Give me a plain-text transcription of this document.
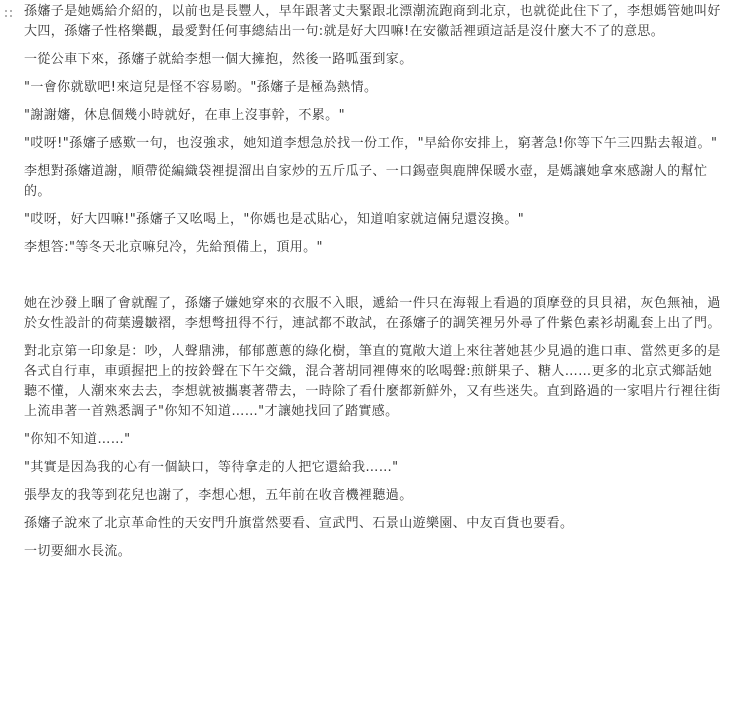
孫嬸子是她媽給介紹的，以前也是長豐人，早年跟著丈夫緊跟北漂潮流跑商到北京，也就從此住下了，李想媽管她叫好大四，孫嬸子性格樂觀，最愛對任何事總結出一句:就是好大四嘛!在安徽話裡頭這話是沒什麼大不了的意思。

一從公車下來，孫嬸子就給李想一個大擁抱，然後一路呱蛋到家。

"一會你就歇吧!來這兒是怪不容易喲。"孫嬸子是極為熱情。

"謝謝嬸，休息個幾小時就好，在車上沒事幹，不累。"

"哎呀!"孫嬸子感歎一句，也沒強求，她知道李想急於找一份工作，"早給你安排上，窮著急!你等下午三四點去報道。"

李想對孫嬸道謝，順帶從編織袋裡提溜出自家炒的五斤瓜子、一口錫壺與鹿牌保暖水壺，是媽讓她拿來感謝人的幫忙的。

"哎呀，好大四嘛!"孫嬸子又吆喝上，"你媽也是忒貼心，知道咱家就這倆兒還沒換。"

李想答:"等冬天北京嘛兒冷，先給預備上，頂用。"

她在沙發上睏了會就醒了，孫嬸子嫌她穿來的衣服不入眼，遞給一件只在海報上看過的頂摩登的貝貝裙，灰色無袖，過於女性設計的荷葉邊皺褶，李想彆扭得不行，連試都不敢試，在孫嬸子的調笑裡另外尋了件紫色素衫胡亂套上出了門。

對北京第一印象是：吵，人聲鼎沸，郁郁蔥蔥的綠化樹，筆直的寬敞大道上來往著她甚少見過的進口車、當然更多的是各式自行車，車頭握把上的按鈴聲在下午交織，混合著胡同裡傳來的吆喝聲:煎餅果子、糖人……更多的北京式鄉話她聽不懂，人潮來來去去，李想就被攜裹著帶去，一時除了看什麼都新鮮外，又有些迷失。直到路過的一家唱片行裡往街上流串著一首熟悉調子"你知不知道……"才讓她找回了踏實感。

"你知不知道……"

"其實是因為我的心有一個缺口，等待拿走的人把它還給我……"

張學友的我等到花兒也謝了，李想心想，五年前在收音機裡聽過。

孫嬸子說來了北京革命性的天安門升旗當然要看、宣武門、石景山遊樂園、中友百貨也要看。

一切要細水長流。
